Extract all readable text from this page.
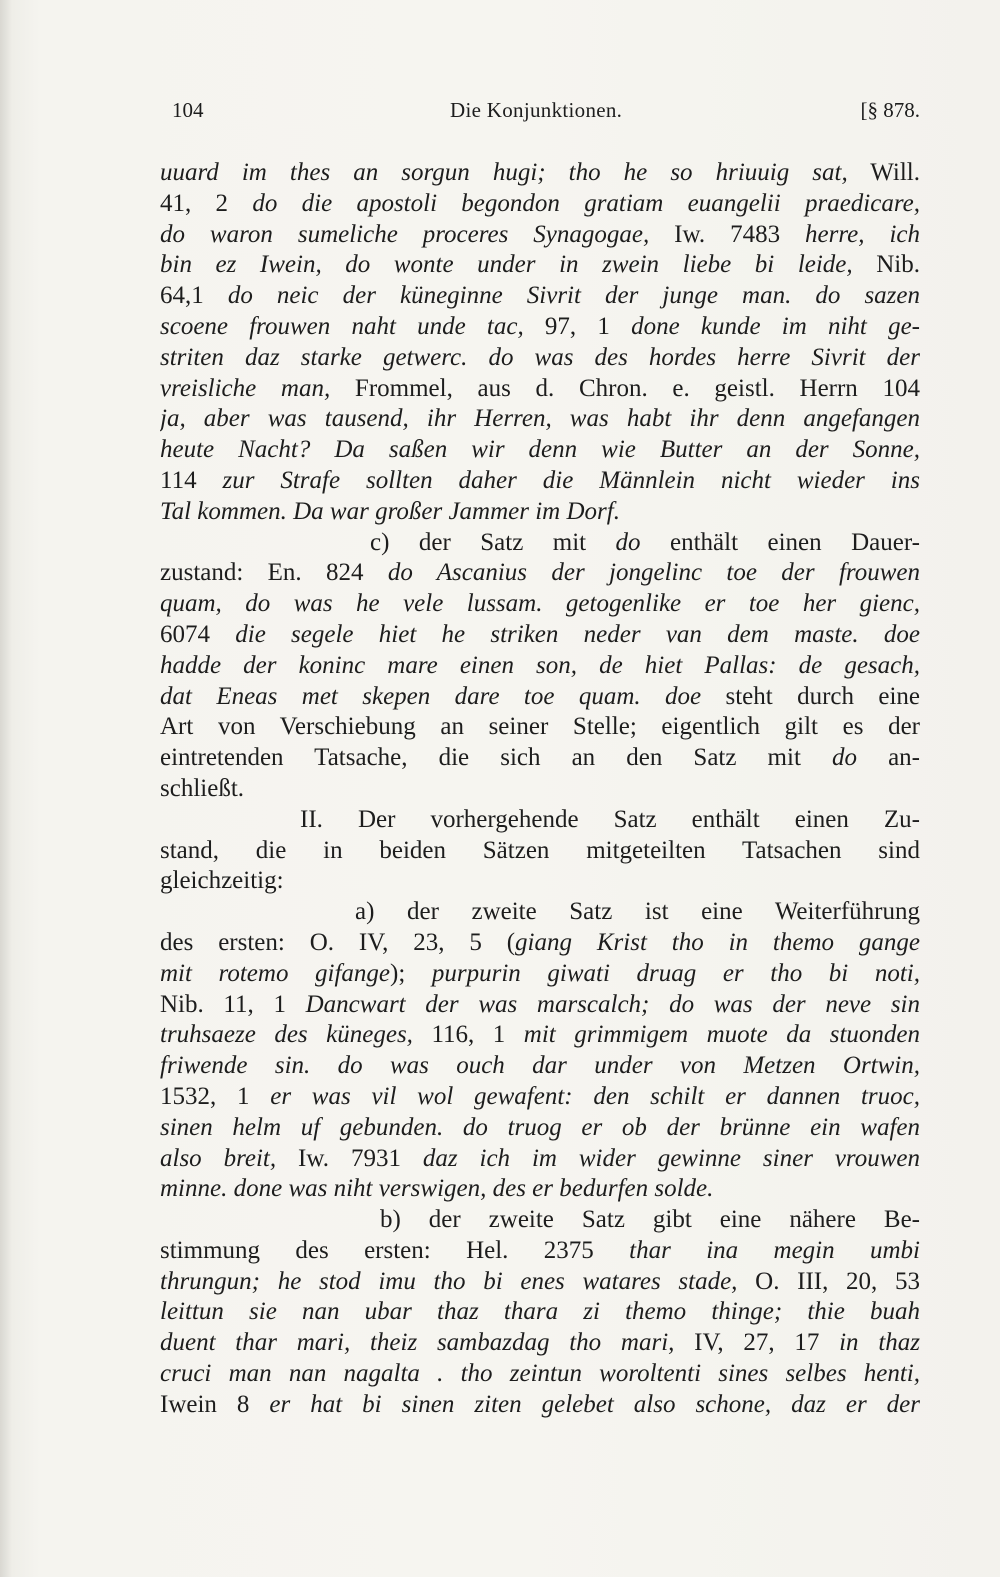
104	Die Konjunktionen.	[§ 878.
uuard im thes an sorgun hugi; tho he so hriuuig sat, Will.
41, 2 do die apostoli begondon gratiam euangelii praedicare,
do waron sumeliche proceres Synagogae, Iw. 7483 herre, ich
bin ez Iwein, do wonte under in zwein liebe bi leide, Nib.
64,1 do neic der küneginne Sivrit der junge man. do sazen
scoene frouwen naht unde tac, 97, 1 done kunde im niht ge-
striten daz starke getwerc. do was des hordes herre Sivrit der
vreisliche man, Frommel, aus d. Chron. e. geistl. Herrn 104
ja, aber was tausend, ihr Herren, was habt ihr denn angefangen
heute Nacht? Da saßen wir denn wie Butter an der Sonne,
114 zur Strafe sollten daher die Männlein nicht wieder ins
Tal kommen. Da war großer Jammer im Dorf.
c) der Satz mit do enthält einen Dauer-
zustand: En. 824 do Ascanius der jongelinc toe der frouwen
quam, do was he vele lussam. getogenlike er toe her gienc,
6074 die segele hiet he striken neder van dem maste. doe
hadde der koninc mare einen son, de hiet Pallas: de gesach,
dat Eneas met skepen dare toe quam. doe steht durch eine
Art von Verschiebung an seiner Stelle; eigentlich gilt es der
eintretenden Tatsache, die sich an den Satz mit do an-
schließt.
II. Der vorhergehende Satz enthält einen Zu-
stand, die in beiden Sätzen mitgeteilten Tatsachen sind
gleichzeitig:
a) der zweite Satz ist eine Weiterführung
des ersten: O. IV, 23, 5 (giang Krist tho in themo gange
mit rotemo gifange); purpurin giwati druag er tho bi noti,
Nib. 11, 1 Dancwart der was marscalch; do was der neve sin
truhsaeze des küneges, 116, 1 mit grimmigem muote da stuonden
friwende sin. do was ouch dar under von Metzen Ortwin,
1532, 1 er was vil wol gewafent: den schilt er dannen truoc,
sinen helm uf gebunden. do truog er ob der brünne ein wafen
also breit, Iw. 7931 daz ich im wider gewinne siner vrouwen
minne. done was niht verswigen, des er bedurfen solde.
b) der zweite Satz gibt eine nähere Be-
stimmung des ersten: Hel. 2375 thar ina megin umbi
thrungun; he stod imu tho bi enes watares stade, O. III, 20, 53
leittun sie nan ubar thaz thara zi themo thinge; thie buah
duent thar mari, theiz sambazdag tho mari, IV, 27, 17 in thaz
cruci man nan nagalta . tho zeintun woroltenti sines selbes henti,
Iwein 8 er hat bi sinen ziten gelebet also schone, daz er der
